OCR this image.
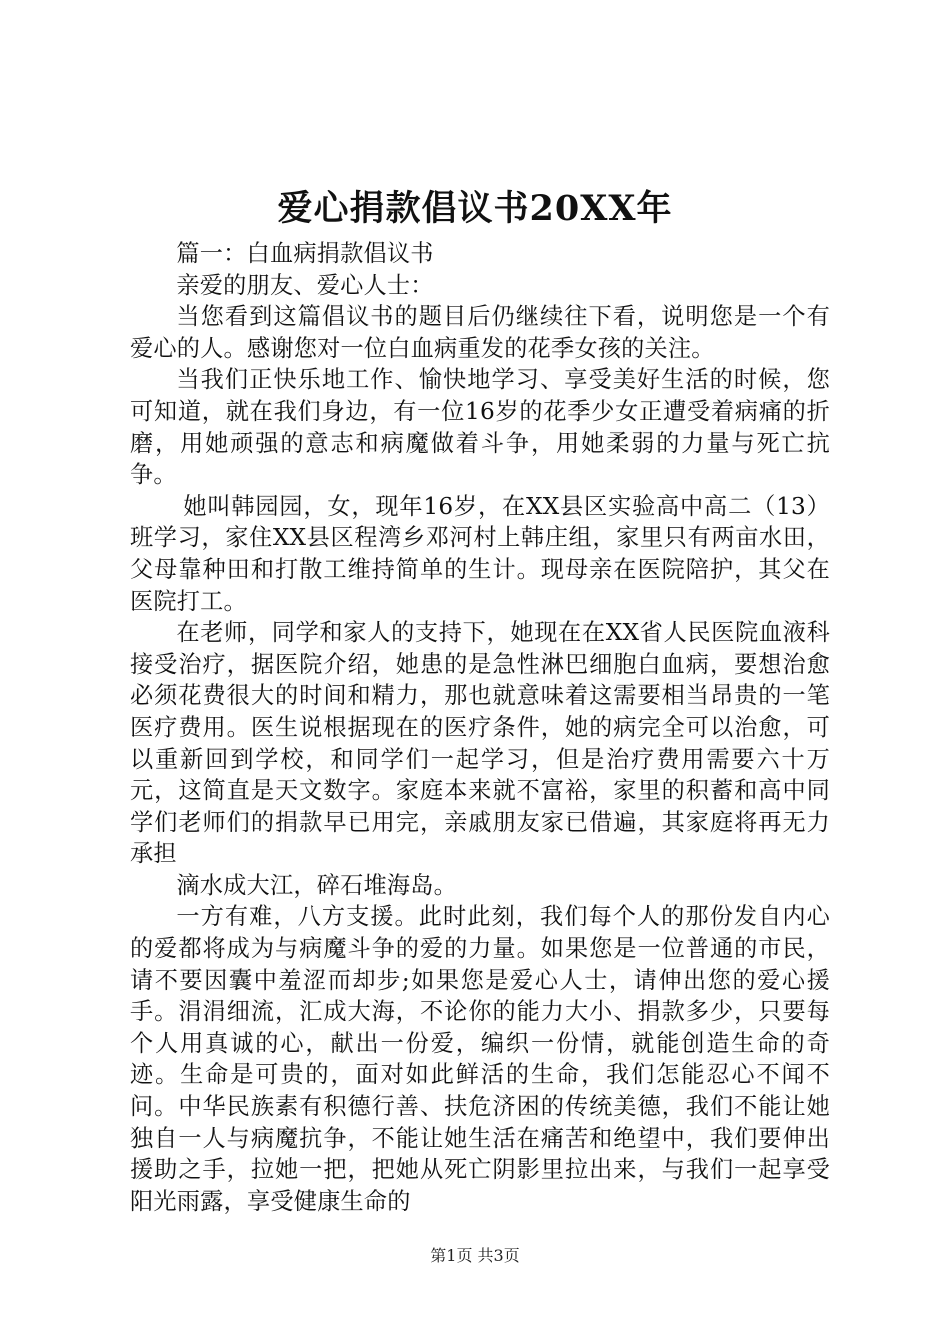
爱心捐款倡议书20XX年

篇一：白血病捐款倡议书

亲爱的朋友、爱心人士：

当您看到这篇倡议书的题目后仍继续往下看，说明您是一个有爱心的人。感谢您对一位白血病重发的花季女孩的关注。

当我们正快乐地工作、愉快地学习、享受美好生活的时候，您可知道，就在我们身边，有一位16岁的花季少女正遭受着病痛的折磨，用她顽强的意志和病魔做着斗争，用她柔弱的力量与死亡抗争。

她叫韩园园，女，现年16岁，在XX县区实验高中高二（13）班学习，家住XX县区程湾乡邓河村上韩庄组，家里只有两亩水田，父母靠种田和打散工维持简单的生计。现母亲在医院陪护，其父在医院打工。

在老师，同学和家人的支持下，她现在在XX省人民医院血液科接受治疗，据医院介绍，她患的是急性淋巴细胞白血病，要想治愈必须花费很大的时间和精力，那也就意味着这需要相当昂贵的一笔医疗费用。医生说根据现在的医疗条件，她的病完全可以治愈，可以重新回到学校，和同学们一起学习，但是治疗费用需要六十万元，这简直是天文数字。家庭本来就不富裕，家里的积蓄和高中同学们老师们的捐款早已用完，亲戚朋友家已借遍，其家庭将再无力承担

滴水成大江，碎石堆海岛。

一方有难，八方支援。此时此刻，我们每个人的那份发自内心的爱都将成为与病魔斗争的爱的力量。如果您是一位普通的市民，请不要因囊中羞涩而却步;如果您是爱心人士，请伸出您的爱心援手。涓涓细流，汇成大海，不论你的能力大小、捐款多少，只要每个人用真诚的心，献出一份爱，编织一份情，就能创造生命的奇迹。生命是可贵的，面对如此鲜活的生命，我们怎能忍心不闻不问。中华民族素有积德行善、扶危济困的传统美德，我们不能让她独自一人与病魔抗争，不能让她生活在痛苦和绝望中，我们要伸出援助之手，拉她一把，把她从死亡阴影里拉出来，与我们一起享受阳光雨露，享受健康生命的

第1页 共3页
